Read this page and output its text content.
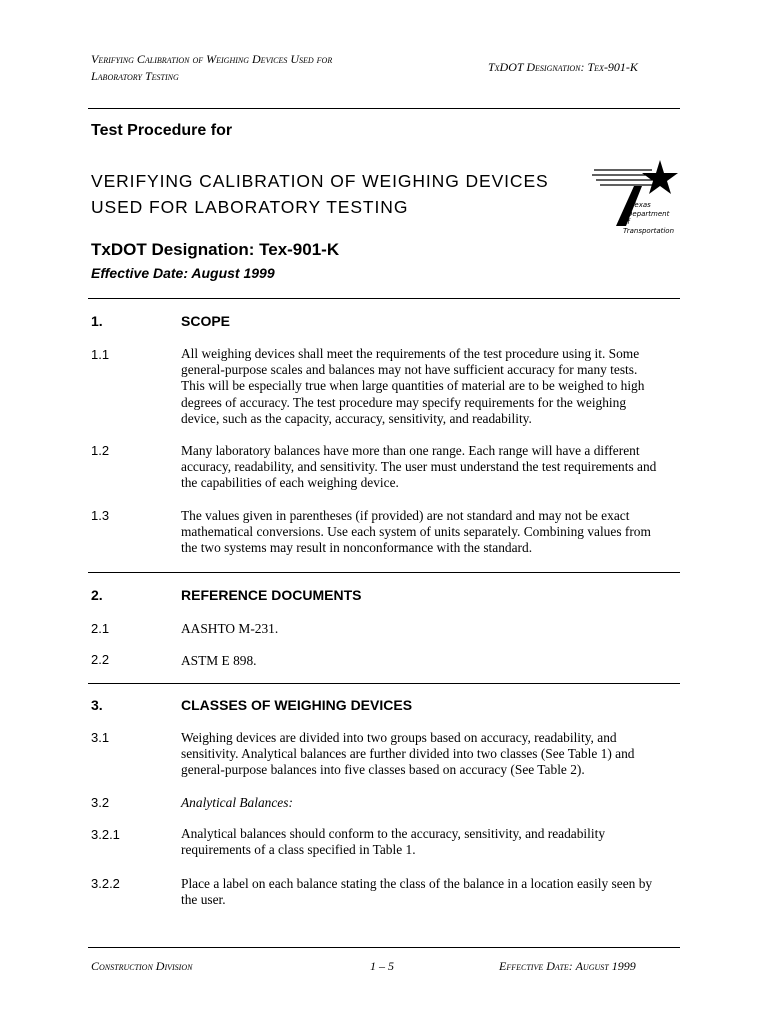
Verifying Calibration of Weighing Devices Used for
Laboratory Testing
TxDOT Designation: Tex-901-K
Test Procedure for
VERIFYING CALIBRATION OF WEIGHING DEVICES
USED FOR LABORATORY TESTING	Texas
Department
of Transportation
TxDOT Designation: Tex-901-K
Effective Date: August 1999
1.	SCOPE
1.1	All weighing devices shall meet the requirements of the test procedure using it. Some
general-purpose scales and balances may not have sufficient accuracy for many tests.
This will be especially true when large quantities of material are to be weighed to high
degrees of accuracy. The test procedure may specify requirements for the weighing
device, such as the capacity, accuracy, sensitivity, and readability.
1.2	Many laboratory balances have more than one range. Each range will have a different
accuracy, readability, and sensitivity. The user must understand the test requirements and
the capabilities of each weighing device.
1.3	The values given in parentheses (if provided) are not standard and may not be exact
mathematical conversions. Use each system of units separately. Combining values from
the two systems may result in nonconformance with the standard.
2.	REFERENCE DOCUMENTS
2.1	AASHTO M-231.
2.2	ASTM E 898.
3.	CLASSES OF WEIGHING DEVICES
3.1	Weighing devices are divided into two groups based on accuracy, readability, and
sensitivity. Analytical balances are further divided into two classes (See Table 1) and
general-purpose balances into five classes based on accuracy (See Table 2).
3.2	Analytical Balances:
3.2.1	Analytical balances should conform to the accuracy, sensitivity, and readability
requirements of a class specified in Table 1.
3.2.2	Place a label on each balance stating the class of the balance in a location easily seen by
the user.
Construction Division	1 – 5	Effective Date: August 1999
